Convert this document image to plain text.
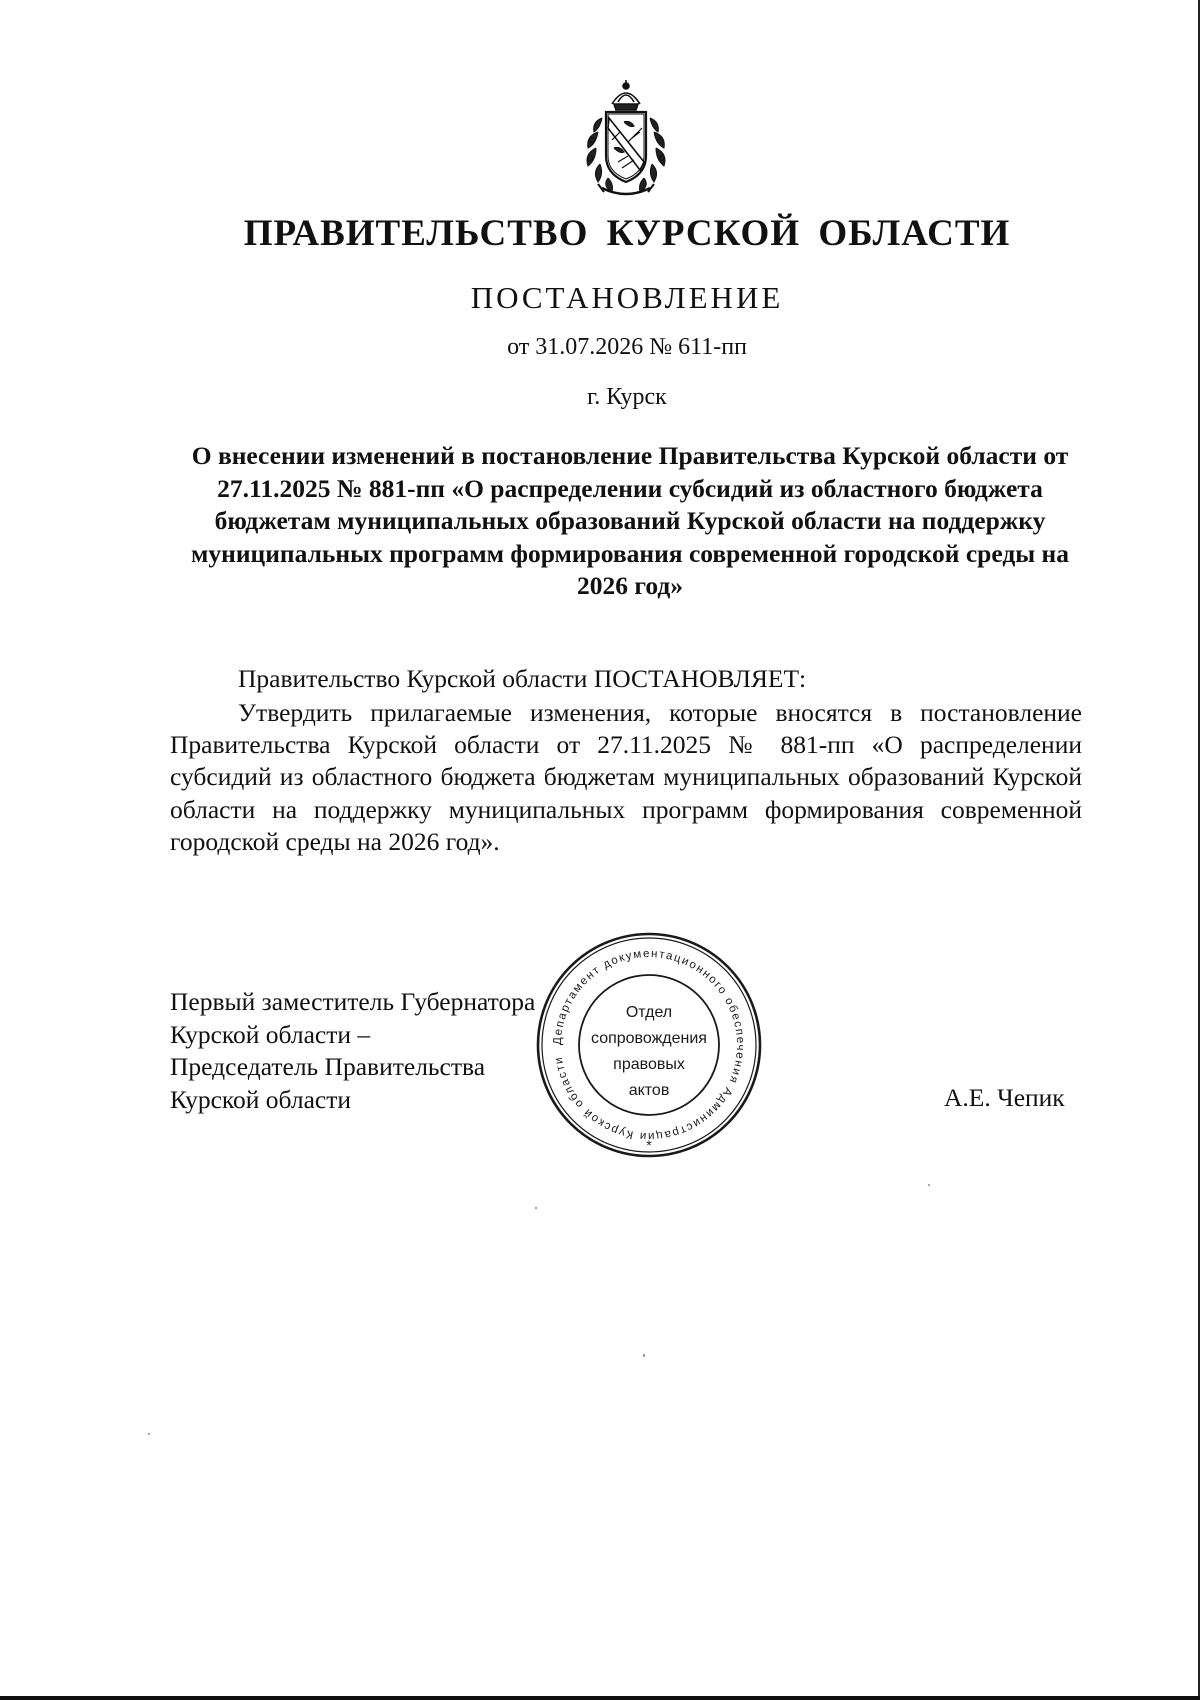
ПРАВИТЕЛЬСТВО КУРСКОЙ ОБЛАСТИ
ПОСТАНОВЛЕНИЕ
от 31.07.2026 № 611-пп
г. Курск
О внесении изменений в постановление Правительства Курской области от 27.11.2025 № 881-пп «О распределении субсидий из областного бюджета бюджетам муниципальных образований Курской области на поддержку муниципальных программ формирования современной городской среды на 2026 год»
Правительство Курской области ПОСТАНОВЛЯЕТ:
Утвердить прилагаемые изменения, которые вносятся в постановление Правительства Курской области от 27.11.2025 № 881-пп «О распределении субсидий из областного бюджета бюджетам муниципальных образований Курской области на поддержку муниципальных программ формирования современной городской среды на 2026 год».
Первый заместитель Губернатора
Курской области –
Председатель Правительства
Курской области	А.Е. Чепик
Департамент документационного обеспечения Администрации Курской области
Отдел
сопровождения
правовых
актов
*
